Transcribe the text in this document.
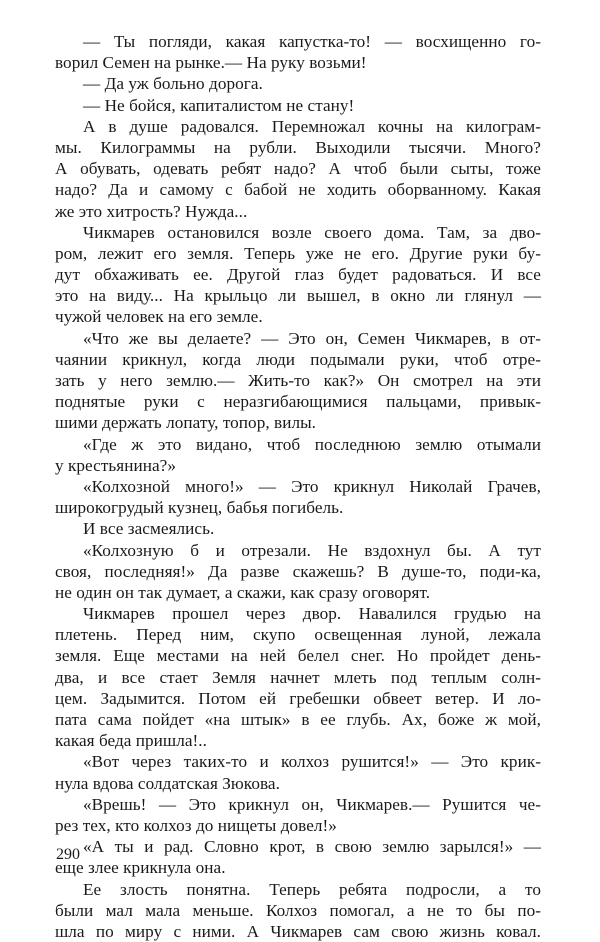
— Ты погляди, какая капустка-то! — восхищенно го-
ворил Семен на рынке.— На руку возьми!
— Да уж больно дорога.
— Не бойся, капиталистом не стану!
А в душе радовался. Перемножал кочны на килограм-
мы. Килограммы на рубли. Выходили тысячи. Много?
А обувать, одевать ребят надо? А чтоб были сыты, тоже
надо? Да и самому с бабой не ходить оборванному. Какая
же это хитрость? Нужда...
Чикмарев остановился возле своего дома. Там, за дво-
ром, лежит его земля. Теперь уже не его. Другие руки бу-
дут обхаживать ее. Другой глаз будет радоваться. И все
это на виду... На крыльцо ли вышел, в окно ли глянул —
чужой человек на его земле.
«Что же вы делаете? — Это он, Семен Чикмарев, в от-
чаянии крикнул, когда люди подымали руки, чтоб отре-
зать у него землю.— Жить-то как?» Он смотрел на эти
поднятые руки с неразгибающимися пальцами, привык-
шими держать лопату, топор, вилы.
«Где ж это видано, чтоб последнюю землю отымали
у крестьянина?»
«Колхозной много!» — Это крикнул Николай Грачев,
широкогрудый кузнец, бабья погибель.
И все засмеялись.
«Колхозную б и отрезали. Не вздохнул бы. А тут
своя, последняя!» Да разве скажешь? В душе-то, поди-ка,
не один он так думает, а скажи, как сразу оговорят.
Чикмарев прошел через двор. Навалился грудью на
плетень. Перед ним, скупо освещенная луной, лежала
земля. Еще местами на ней белел снег. Но пройдет день-
два, и все стает Земля начнет млеть под теплым солн-
цем. Задымится. Потом ей гребешки обвеет ветер. И ло-
пата сама пойдет «на штык» в ее глубь. Ах, боже ж мой,
какая беда пришла!..
«Вот через таких-то и колхоз рушится!» — Это крик-
нула вдова солдатская Зюкова.
«Врешь! — Это крикнул он, Чикмарев.— Рушится че-
рез тех, кто колхоз до нищеты довел!»
«А ты и рад. Словно крот, в свою землю зарылся!» —
еще злее крикнула она.
Ее злость понятна. Теперь ребята подросли, а то
были мал мала меньше. Колхоз помогал, а не то бы по-
шла по миру с ними. А Чикмарев сам свою жизнь ковал.
290
